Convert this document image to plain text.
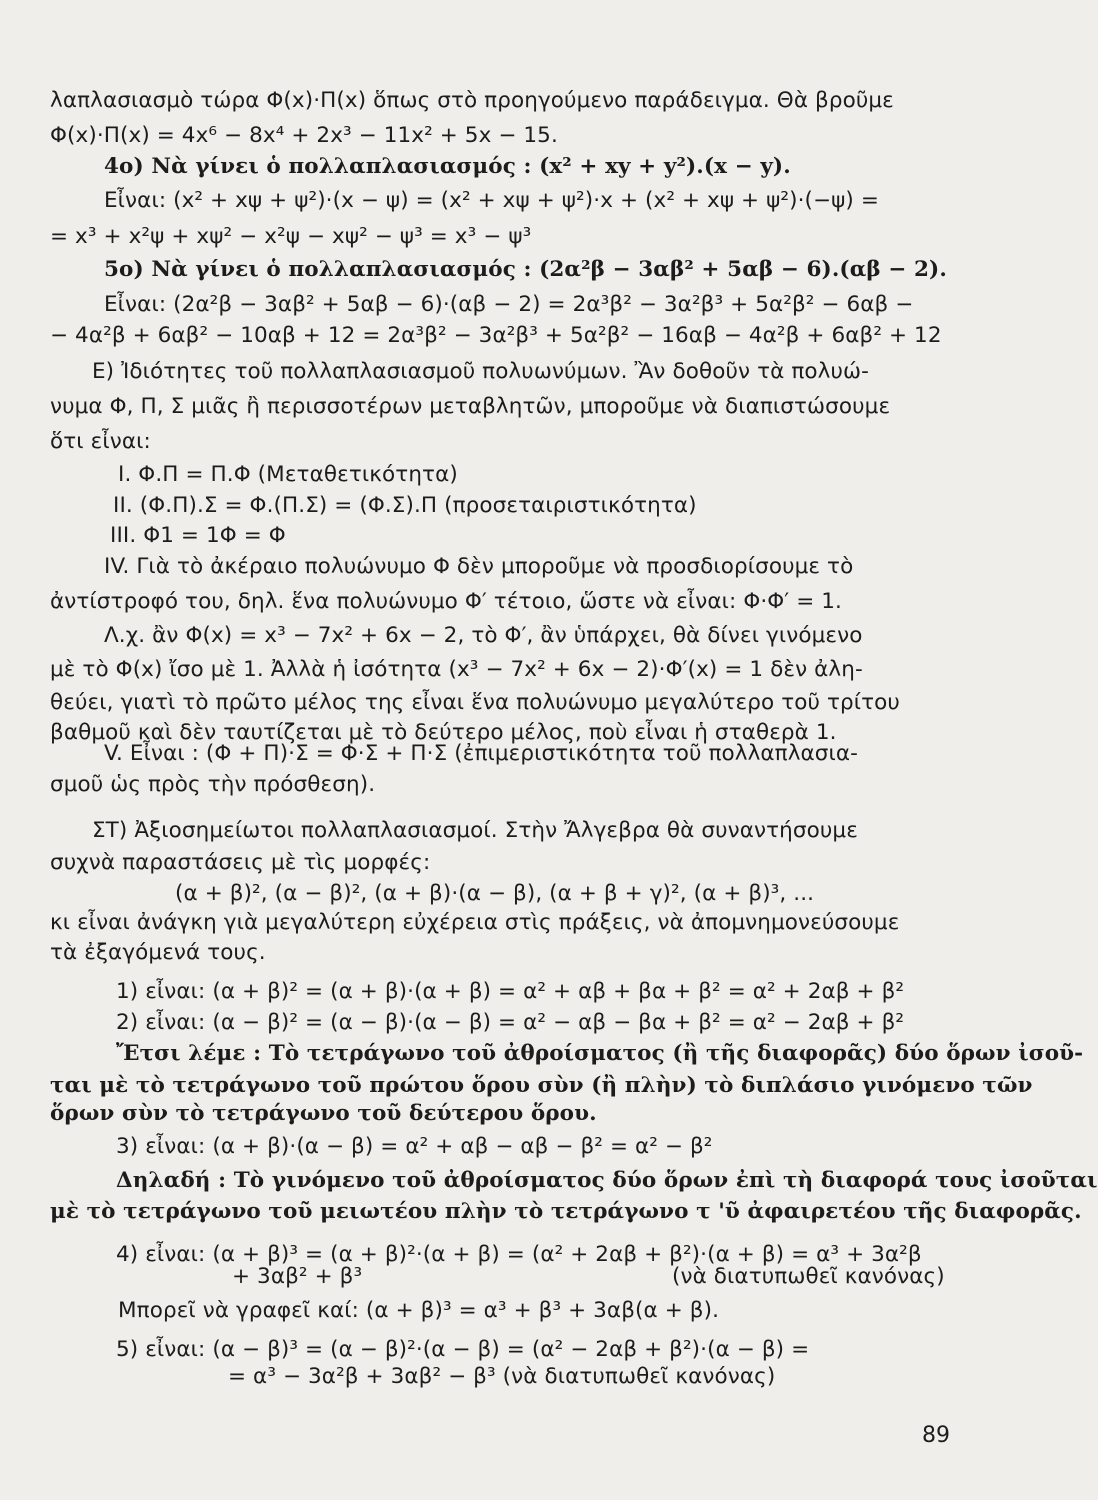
λαπλασιασμὸ τώρα Φ(x)·Π(x) ὅπως στὸ προηγούμενο παράδειγμα. Θὰ βροῦμε
Φ(x)·Π(x) = 4x⁶ − 8x⁴ + 2x³ − 11x² + 5x − 15.
4ο) Νὰ γίνει ὁ πολλαπλασιασμός : (x² + xy + y²).(x − y).
Εἶναι: (x² + xψ + ψ²)·(x − ψ) = (x² + xψ + ψ²)·x + (x² + xψ + ψ²)·(−ψ) =
= x³ + x²ψ + xψ² − x²ψ − xψ² − ψ³ = x³ − ψ³
5ο) Νὰ γίνει ὁ πολλαπλασιασμός : (2α²β − 3αβ² + 5αβ − 6).(αβ − 2).
Εἶναι: (2α²β − 3αβ² + 5αβ − 6)·(αβ − 2) = 2α³β² − 3α²β³ + 5α²β² − 6αβ −
− 4α²β + 6αβ² − 10αβ + 12 = 2α³β² − 3α²β³ + 5α²β² − 16αβ − 4α²β + 6αβ² + 12
Ε) Ἰδιότητες τοῦ πολλαπλασιασμοῦ πολυωνύμων. Ἂν δοθοῦν τὰ πολυώ-
νυμα Φ, Π, Σ μιᾶς ἢ περισσοτέρων μεταβλητῶν, μποροῦμε νὰ διαπιστώσουμε
ὅτι εἶναι:
I. Φ.Π = Π.Φ (Μεταθετικότητα)
II. (Φ.Π).Σ = Φ.(Π.Σ) = (Φ.Σ).Π (προσεταιριστικότητα)
III. Φ1 = 1Φ = Φ
IV. Γιὰ τὸ ἀκέραιο πολυώνυμο Φ δὲν μποροῦμε νὰ προσδιορίσουμε τὸ
ἀντίστροφό του, δηλ. ἕνα πολυώνυμο Φ′ τέτοιο, ὥστε νὰ εἶναι: Φ·Φ′ = 1.
Λ.χ. ἂν Φ(x) = x³ − 7x² + 6x − 2, τὸ Φ′, ἂν ὑπάρχει, θὰ δίνει γινόμενο
μὲ τὸ Φ(x) ἴσο μὲ 1. Ἀλλὰ ἡ ἰσότητα (x³ − 7x² + 6x − 2)·Φ′(x) = 1 δὲν ἀλη-
θεύει, γιατὶ τὸ πρῶτο μέλος της εἶναι ἕνα πολυώνυμο μεγαλύτερο τοῦ τρίτου
βαθμοῦ καὶ δὲν ταυτίζεται μὲ τὸ δεύτερο μέλος, ποὺ εἶναι ἡ σταθερὰ 1.
V. Εἶναι : (Φ + Π)·Σ = Φ·Σ + Π·Σ (ἐπιμεριστικότητα τοῦ πολλαπλασια-
σμοῦ ὡς πρὸς τὴν πρόσθεση).
ΣΤ) Ἀξιοσημείωτοι πολλαπλασιασμοί. Στὴν Ἄλγεβρα θὰ συναντήσουμε
συχνὰ παραστάσεις μὲ τὶς μορφές:
(α + β)², (α − β)², (α + β)·(α − β), (α + β + γ)², (α + β)³, ...
κι εἶναι ἀνάγκη γιὰ μεγαλύτερη εὐχέρεια στὶς πράξεις, νὰ ἀπομνημονεύσουμε
τὰ ἐξαγόμενά τους.
1) εἶναι: (α + β)² = (α + β)·(α + β) = α² + αβ + βα + β² = α² + 2αβ + β²
2) εἶναι: (α − β)² = (α − β)·(α − β) = α² − αβ − βα + β² = α² − 2αβ + β²
Ἔτσι λέμε : Τὸ τετράγωνο τοῦ ἀθροίσματος (ἢ τῆς διαφορᾶς) δύο ὅρων ἰσοῦ-
ται μὲ τὸ τετράγωνο τοῦ πρώτου ὅρου σὺν (ἢ πλὴν) τὸ διπλάσιο γινόμενο τῶν
ὅρων σὺν τὸ τετράγωνο τοῦ δεύτερου ὅρου.
3) εἶναι: (α + β)·(α − β) = α² + αβ − αβ − β² = α² − β²
Δηλαδή : Τὸ γινόμενο τοῦ ἀθροίσματος δύο ὅρων ἐπὶ τὴ διαφορά τους ἰσοῦται
μὲ τὸ τετράγωνο τοῦ μειωτέου πλὴν τὸ τετράγωνο τ 'ῦ ἀφαιρετέου τῆς διαφορᾶς.
4) εἶναι: (α + β)³ = (α + β)²·(α + β) = (α² + 2αβ + β²)·(α + β) = α³ + 3α²β
+ 3αβ² + β³	(νὰ διατυπωθεῖ κανόνας)
Μπορεῖ νὰ γραφεῖ καί: (α + β)³ = α³ + β³ + 3αβ(α + β).
5) εἶναι: (α − β)³ = (α − β)²·(α − β) = (α² − 2αβ + β²)·(α − β) =
= α³ − 3α²β + 3αβ² − β³ (νὰ διατυπωθεῖ κανόνας)
89
